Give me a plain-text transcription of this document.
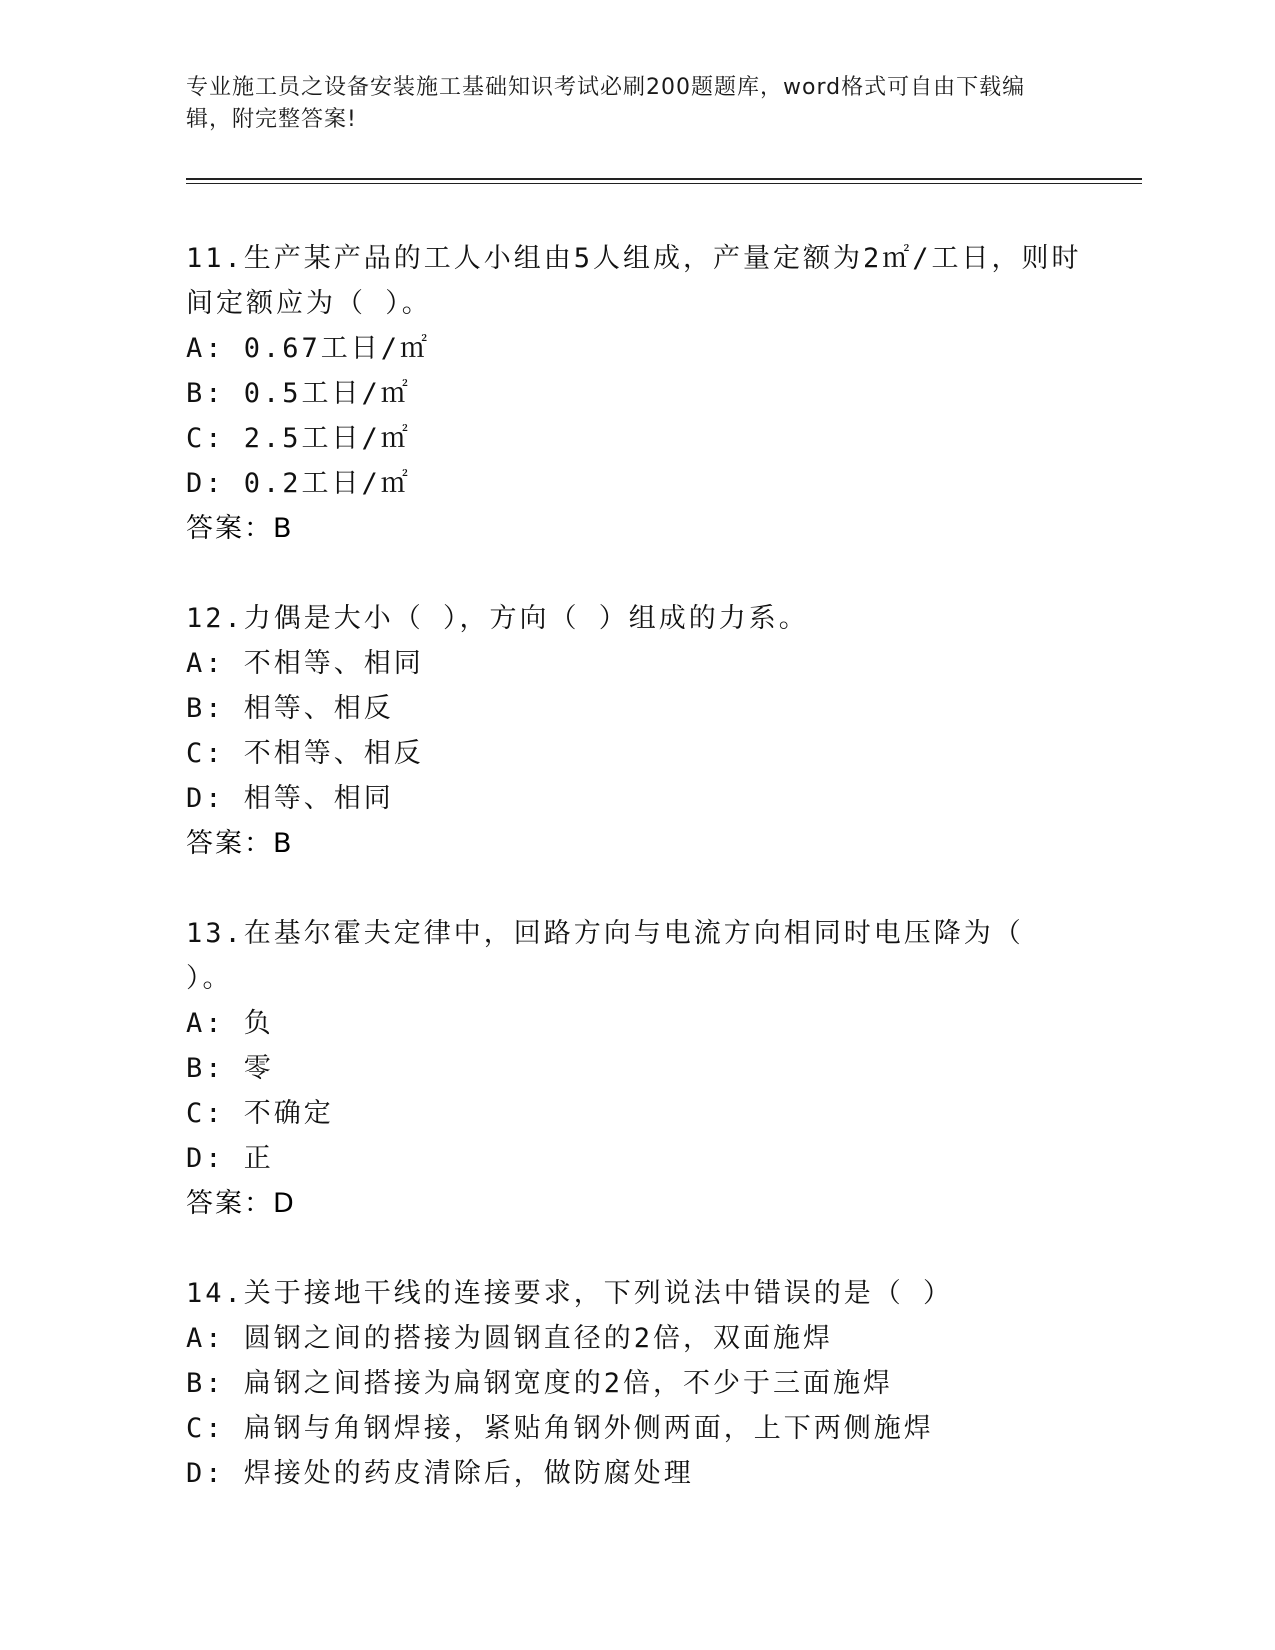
专业施工员之设备安装施工基础知识考试必刷200题题库，word格式可自由下载编辑，附完整答案!
11.生产某产品的工人小组由5人组成，产量定额为2㎡/工日，则时间定额应为（ ）。
A: 0.67工日/㎡
B: 0.5工日/㎡
C: 2.5工日/㎡
D: 0.2工日/㎡
答案：B
12.力偶是大小（ ），方向（ ）组成的力系。
A: 不相等、相同
B: 相等、相反
C: 不相等、相反
D: 相等、相同
答案：B
13.在基尔霍夫定律中，回路方向与电流方向相同时电压降为（ ）。
A: 负
B: 零
C: 不确定
D: 正
答案：D
14.关于接地干线的连接要求，下列说法中错误的是（ ）
A: 圆钢之间的搭接为圆钢直径的2倍，双面施焊
B: 扁钢之间搭接为扁钢宽度的2倍，不少于三面施焊
C: 扁钢与角钢焊接，紧贴角钢外侧两面，上下两侧施焊
D: 焊接处的药皮清除后，做防腐处理
